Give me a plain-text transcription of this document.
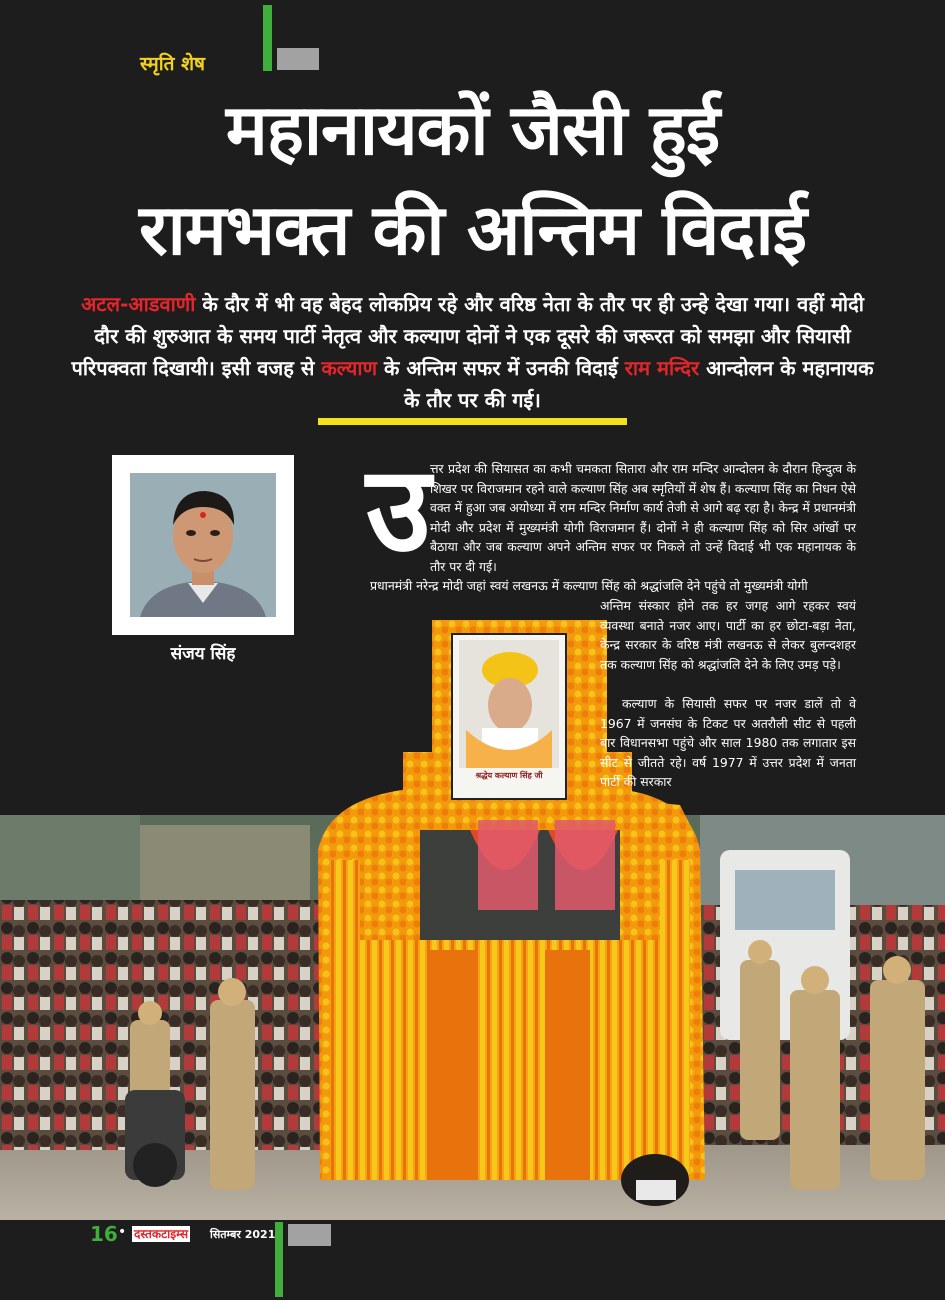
स्मृति शेष
महानायकों जैसी हुई
रामभक्त की अन्तिम विदाई
अटल-आडवाणी के दौर में भी वह बेहद लोकप्रिय रहे और वरिष्ठ नेता के तौर पर ही उन्हे देखा गया। वहीं मोदी दौर की शुरुआत के समय पार्टी नेतृत्व और कल्याण दोनों ने एक दूसरे की जरूरत को समझा और सियासी परिपक्वता दिखायी। इसी वजह से कल्याण के अन्तिम सफर में उनकी विदाई राम मन्दिर आन्दोलन के महानायक के तौर पर की गई।
श्रद्धेय कल्याण सिंह जी
संजय सिंह
उ त्तर प्रदेश की सियासत का कभी चमकता सितारा और राम मन्दिर आन्दोलन के दौरान हिन्दुत्व के शिखर पर विराजमान रहने वाले कल्याण सिंह अब स्मृतियों में शेष हैं। कल्याण सिंह का निधन ऐसे वक्त में हुआ जब अयोध्या में राम मन्दिर निर्माण कार्य तेजी से आगे बढ़ रहा है। केन्द्र में प्रधानमंत्री मोदी और प्रदेश में मुख्यमंत्री योगी विराजमान हैं। दोनों ने ही कल्याण सिंह को सिर आंखों पर बैठाया और जब कल्याण अपने अन्तिम सफर पर निकले तो उन्हें विदाई भी एक महानायक के तौर पर दी गई।
प्रधानमंत्री नरेन्द्र मोदी जहां स्वयं लखनऊ में कल्याण सिंह को श्रद्धांजलि देने पहुंचे तो मुख्यमंत्री योगी
अन्तिम संस्कार होने तक हर जगह आगे रहकर स्वयं व्यवस्था बनाते नजर आए। पार्टी का हर छोटा-बड़ा नेता, केन्द्र सरकार के वरिष्ठ मंत्री लखनऊ से लेकर बुलन्दशहर तक कल्याण सिंह को श्रद्धांजलि देने के लिए उमड़ पड़े।
कल्याण के सियासी सफर पर नजर डालें तो वे 1967 में जनसंघ के टिकट पर अतरौली सीट से पहली बार विधानसभा पहुंचे और साल 1980 तक लगातार इस सीट से जीतते रहे। वर्ष 1977 में उत्तर प्रदेश में जनता पार्टी की सरकार
16 • दस्तकटाइम्स सितम्बर 2021
